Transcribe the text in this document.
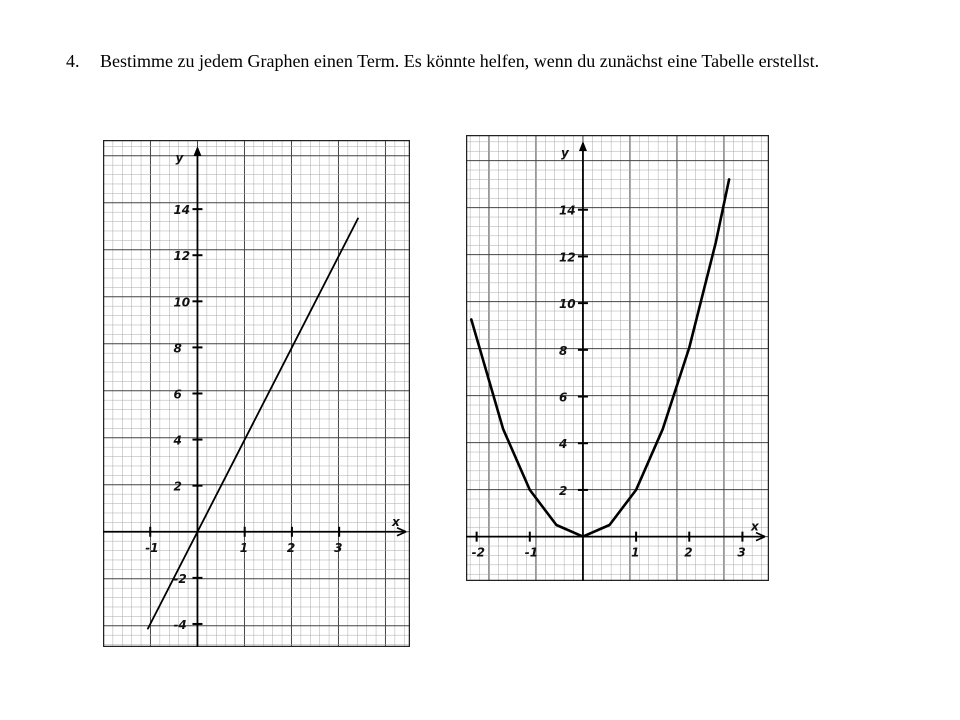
4. Bestimme zu jedem Graphen einen Term. Es könnte helfen, wenn du zunächst eine Tabelle erstellst.
x
y
-1	1	2	3
-4
-2
2
4
6
8
10
12
14
x
y
-2	-1	1	2	3
2
4
6
8
10
12
14
